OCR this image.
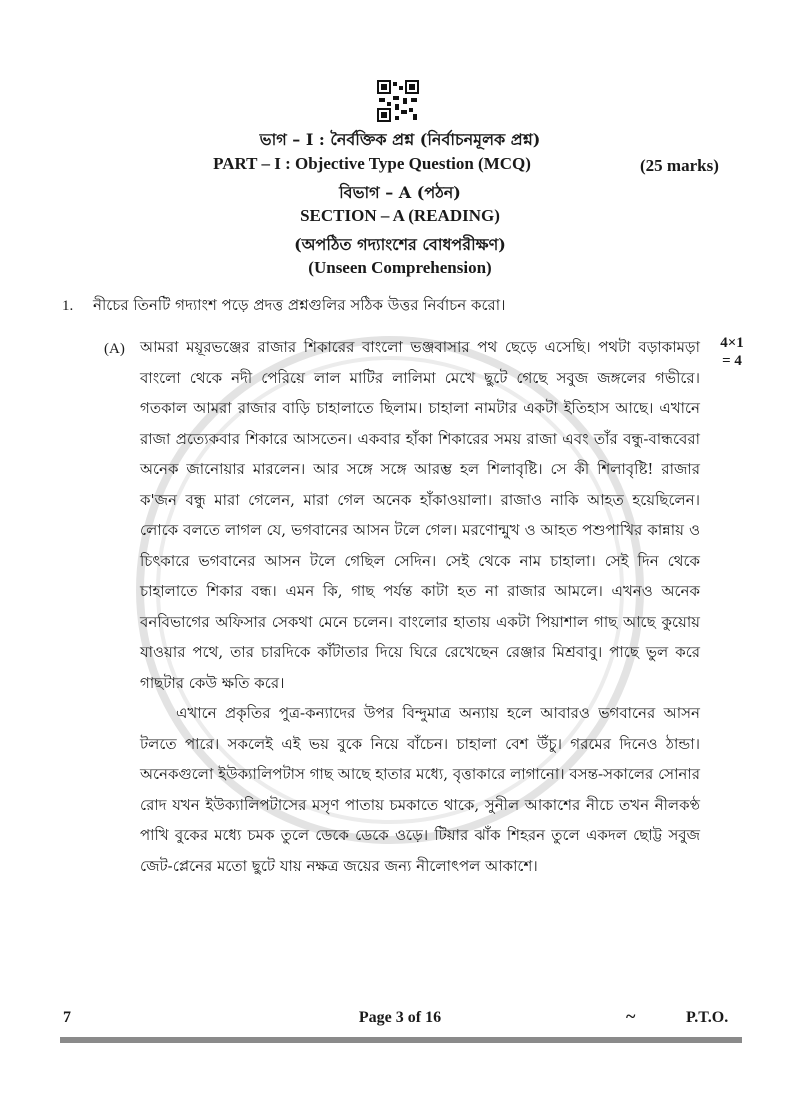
ভাগ – I : নৈর্বক্তিক প্রশ্ন (নির্বাচনমূলক প্রশ্ন)
PART – I : Objective Type Question (MCQ)	(25 marks)
বিভাগ – A (পঠন)
SECTION – A (READING)
(অপঠিত গদ্যাংশের বোধপরীক্ষণ)
(Unseen Comprehension)
1. নীচের তিনটি গদ্যাংশ পড়ে প্রদত্ত প্রশ্নগুলির সঠিক উত্তর নির্বাচন করো।
(A)	4×1
= 4

আমরা ময়ূরভঞ্জের রাজার শিকারের বাংলো ভঞ্জবাসার পথ ছেড়ে এসেছি। পথটা বড়াকামড়া বাংলো থেকে নদী পেরিয়ে লাল মাটির লালিমা মেখে ছুটে গেছে সবুজ জঙ্গলের গভীরে। গতকাল আমরা রাজার বাড়ি চাহালাতে ছিলাম। চাহালা নামটার একটা ইতিহাস আছে। এখানে রাজা প্রত্যেকবার শিকারে আসতেন। একবার হাঁকা শিকারের সময় রাজা এবং তাঁর বন্ধু-বান্ধবেরা অনেক জানোয়ার মারলেন। আর সঙ্গে সঙ্গে আরম্ভ হল শিলাবৃষ্টি। সে কী শিলাবৃষ্টি! রাজার ক'জন বন্ধু মারা গেলেন, মারা গেল অনেক হাঁকাওয়ালা। রাজাও নাকি আহত হয়েছিলেন। লোকে বলতে লাগল যে, ভগবানের আসন টলে গেল। মরণোন্মুখ ও আহত পশুপাখির কান্নায় ও চিৎকারে ভগবানের আসন টলে গেছিল সেদিন। সেই থেকে নাম চাহালা। সেই দিন থেকে চাহালাতে শিকার বন্ধ। এমন কি, গাছ পর্যন্ত কাটা হত না রাজার আমলে। এখনও অনেক বনবিভাগের অফিসার সেকথা মেনে চলেন। বাংলোর হাতায় একটা পিয়াশাল গাছ আছে কুয়োয় যাওয়ার পথে, তার চারদিকে কাঁটাতার দিয়ে ঘিরে রেখেছেন রেঞ্জার মিশ্রবাবু। পাছে ভুল করে গাছটার কেউ ক্ষতি করে।

এখানে প্রকৃতির পুত্র-কন্যাদের উপর বিন্দুমাত্র অন্যায় হলে আবারও ভগবানের আসন টলতে পারে। সকলেই এই ভয় বুকে নিয়ে বাঁচেন। চাহালা বেশ উঁচু। গরমের দিনেও ঠান্ডা। অনেকগুলো ইউক্যালিপটাস গাছ আছে হাতার মধ্যে, বৃত্তাকারে লাগানো। বসন্ত-সকালের সোনার রোদ যখন ইউক্যালিপটাসের মসৃণ পাতায় চমকাতে থাকে, সুনীল আকাশের নীচে তখন নীলকণ্ঠ পাখি বুকের মধ্যে চমক তুলে ডেকে ডেকে ওড়ে। টিয়ার ঝাঁক শিহরন তুলে একদল ছোট্ট সবুজ জেট-প্লেনের মতো ছুটে যায় নক্ষত্র জয়ের জন্য নীলোৎপল আকাশে।

7	Page 3 of 16	~	P.T.O.
